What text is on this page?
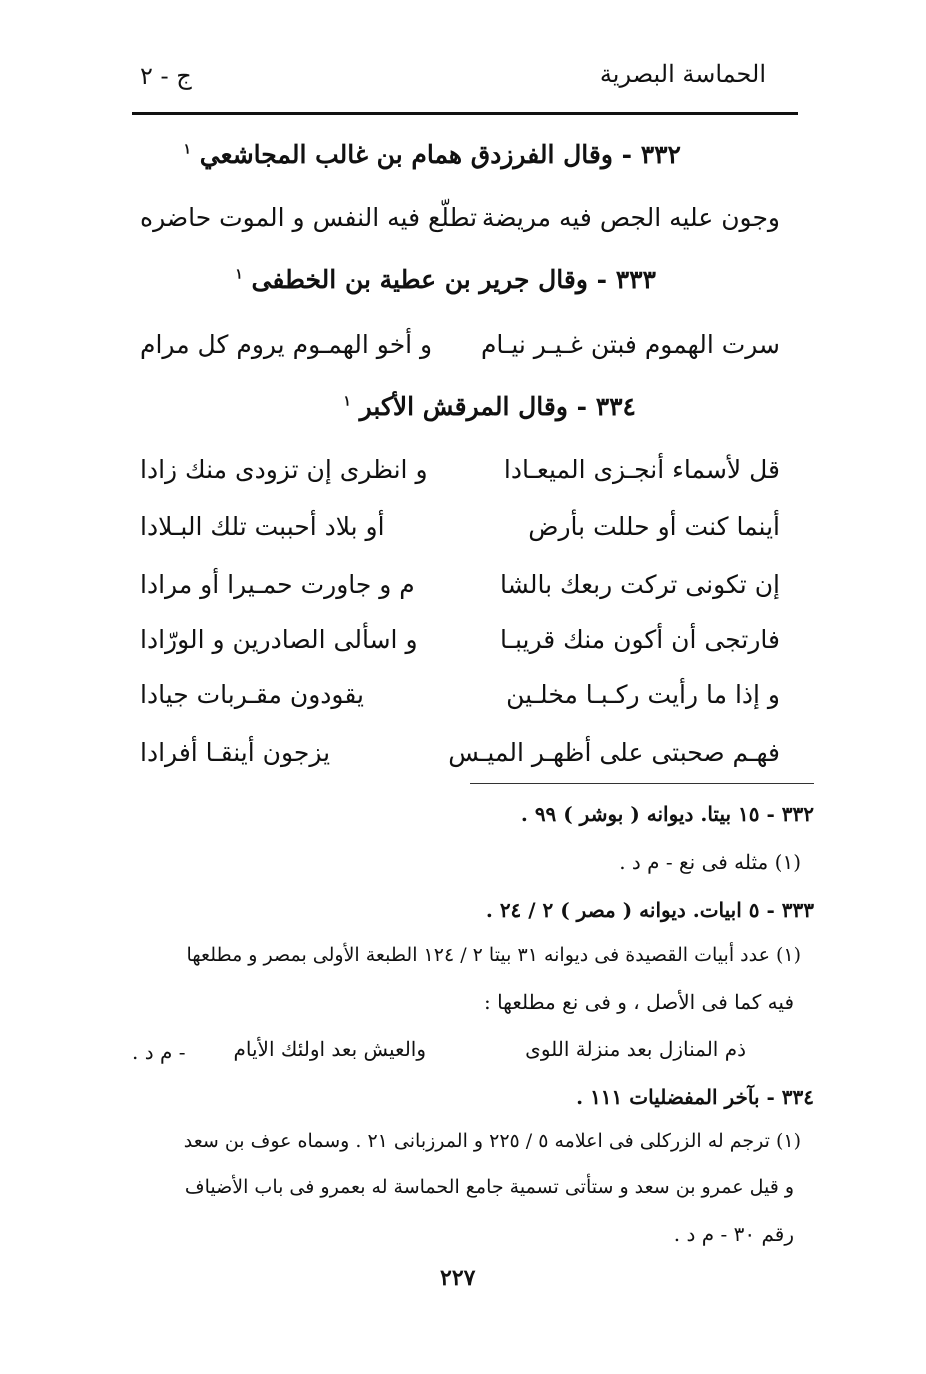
الحماسة البصرية
ج - ٢
٣٣٢ - وقال الفرزدق همام بن غالب المجاشعي $^١$
وجون عليه الجص فيه مريضة
تطلّع فيه النفس و الموت حاضره
٣٣٣ - وقال جرير بن عطية بن الخطفى $^١$
سرت الهموم فبتن غـيـر نيـام
و أخو الهمـوم يروم كل مرام
٣٣٤ - وقال المرقش الأكبر $^١$
قل لأسماء أنجـزى الميعـادا
و انظرى إن تزودى منك زادا
أينما كنت أو حللت بأرض
أو بلاد أحببت تلك البـلادا
إن تكونى تركت ربعك بالشا
م و جاورت حمـيرا أو مرادا
فارتجى أن أكون منك قريبـا
و اسألى الصادرين و الورّادا
و إذا ما رأيت ركـبـا مخلـين
يقودون مقـربات جيادا
فهـم صحبتى على أظهـر الميـس
يزجون أينقـا أفرادا
٣٣٢ - ١٥ بيتا. ديوانه ( بوشر ) ٩٩ .
(١) مثله فى نع - م د .
٣٣٣ - ٥ ابيات. ديوانه ( مصر ) ٢ / ٢٤ .
(١) عدد أبيات القصيدة فى ديوانه ٣١ بيتا ٢ / ١٢٤ الطبعة الأولى بمصر و مطلعها
فيه كما فى الأصل ، و فى نع مطلعها :
ذم المنازل بعد منزلة اللوى
والعيش بعد اولئك الأيام
- م د .
٣٣٤ - بآخر المفضليات ١١١ .
(١) ترجم له الزركلى فى اعلامه ٥ / ٢٢٥ و المرزبانى ٢١ . وسماه عوف بن سعد
و قيل عمرو بن سعد و ستأتى تسمية جامع الحماسة له بعمرو فى باب الأضياف
رقم ٣٠ - م د .
٢٢٧
